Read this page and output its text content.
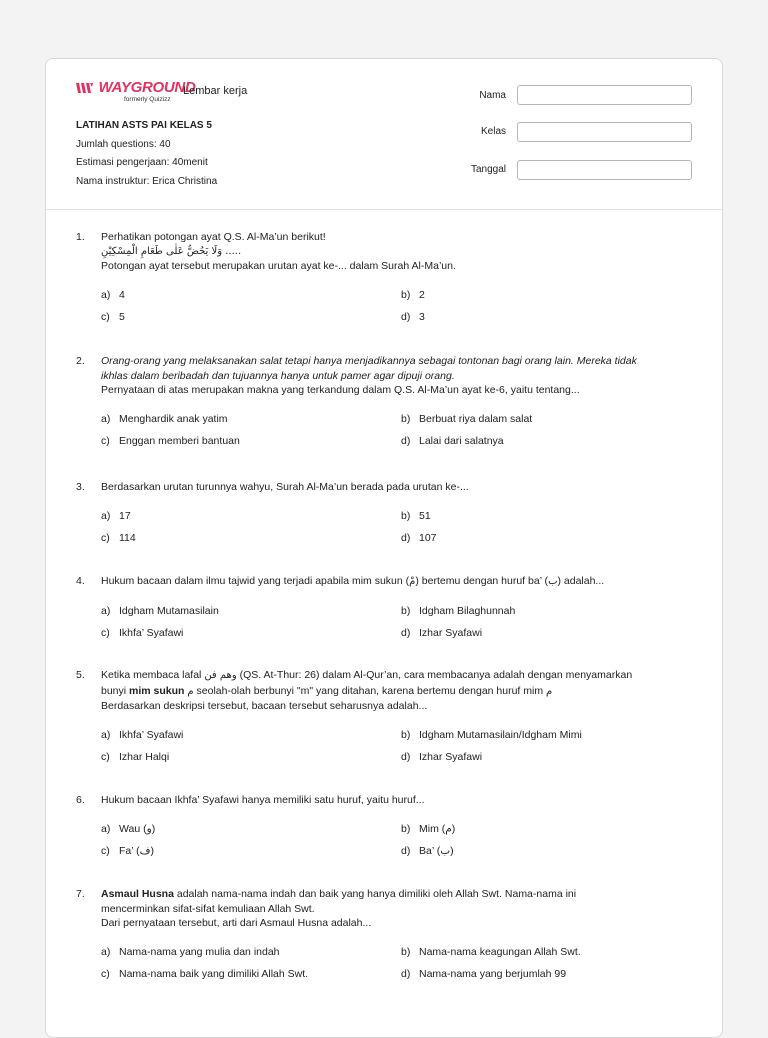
WAYGROUND
formerly Quizizz
Lembar kerja
LATIHAN ASTS PAI KELAS 5
Jumlah questions: 40
Estimasi pengerjaan: 40menit
Nama instruktur: Erica Christina
Nama
Kelas
Tanggal
1. Perhatikan potongan ayat Q.S. Al-Ma’un berikut!
وَلَا يَحُضُّ عَلٰى طَعَامِ الْمِسْكِيْنِ .....
Potongan ayat tersebut merupakan urutan ayat ke-... dalam Surah Al-Ma’un.
a) 4	b) 2
c) 5	d) 3
2. Orang-orang yang melaksanakan salat tetapi hanya menjadikannya sebagai tontonan bagi orang lain. Mereka tidak
ikhlas dalam beribadah dan tujuannya hanya untuk pamer agar dipuji orang.
Pernyataan di atas merupakan makna yang terkandung dalam Q.S. Al-Ma’un ayat ke-6, yaitu tentang...
a) Menghardik anak yatim	b) Berbuat riya dalam salat
c) Enggan memberi bantuan	d) Lalai dari salatnya
3. Berdasarkan urutan turunnya wahyu, Surah Al-Ma’un berada pada urutan ke-...
a) 17	b) 51
c) 114	d) 107
4. Hukum bacaan dalam ilmu tajwid yang terjadi apabila mim sukun (مْ) bertemu dengan huruf ba’ (ب) adalah...
a) Idgham Mutamasilain	b) Idgham Bilaghunnah
c) Ikhfa’ Syafawi	d) Izhar Syafawi
5. Ketika membaca lafal وهم فن (QS. At-Thur: 26) dalam Al-Qur’an, cara membacanya adalah dengan menyamarkan
bunyi mim sukun م seolah-olah berbunyi "m" yang ditahan, karena bertemu dengan huruf mim م
Berdasarkan deskripsi tersebut, bacaan tersebut seharusnya adalah...
a) Ikhfa’ Syafawi	b) Idgham Mutamasilain/Idgham Mimi
c) Izhar Halqi	d) Izhar Syafawi
6. Hukum bacaan Ikhfa’ Syafawi hanya memiliki satu huruf, yaitu huruf...
a) Wau (و)	b) Mim (م)
c) Fa’ (ف)	d) Ba’ (ب)
7. Asmaul Husna adalah nama-nama indah dan baik yang hanya dimiliki oleh Allah Swt. Nama-nama ini
mencerminkan sifat-sifat kemuliaan Allah Swt.
Dari pernyataan tersebut, arti dari Asmaul Husna adalah...
a) Nama-nama yang mulia dan indah	b) Nama-nama keagungan Allah Swt.
c) Nama-nama baik yang dimiliki Allah Swt.	d) Nama-nama yang berjumlah 99
